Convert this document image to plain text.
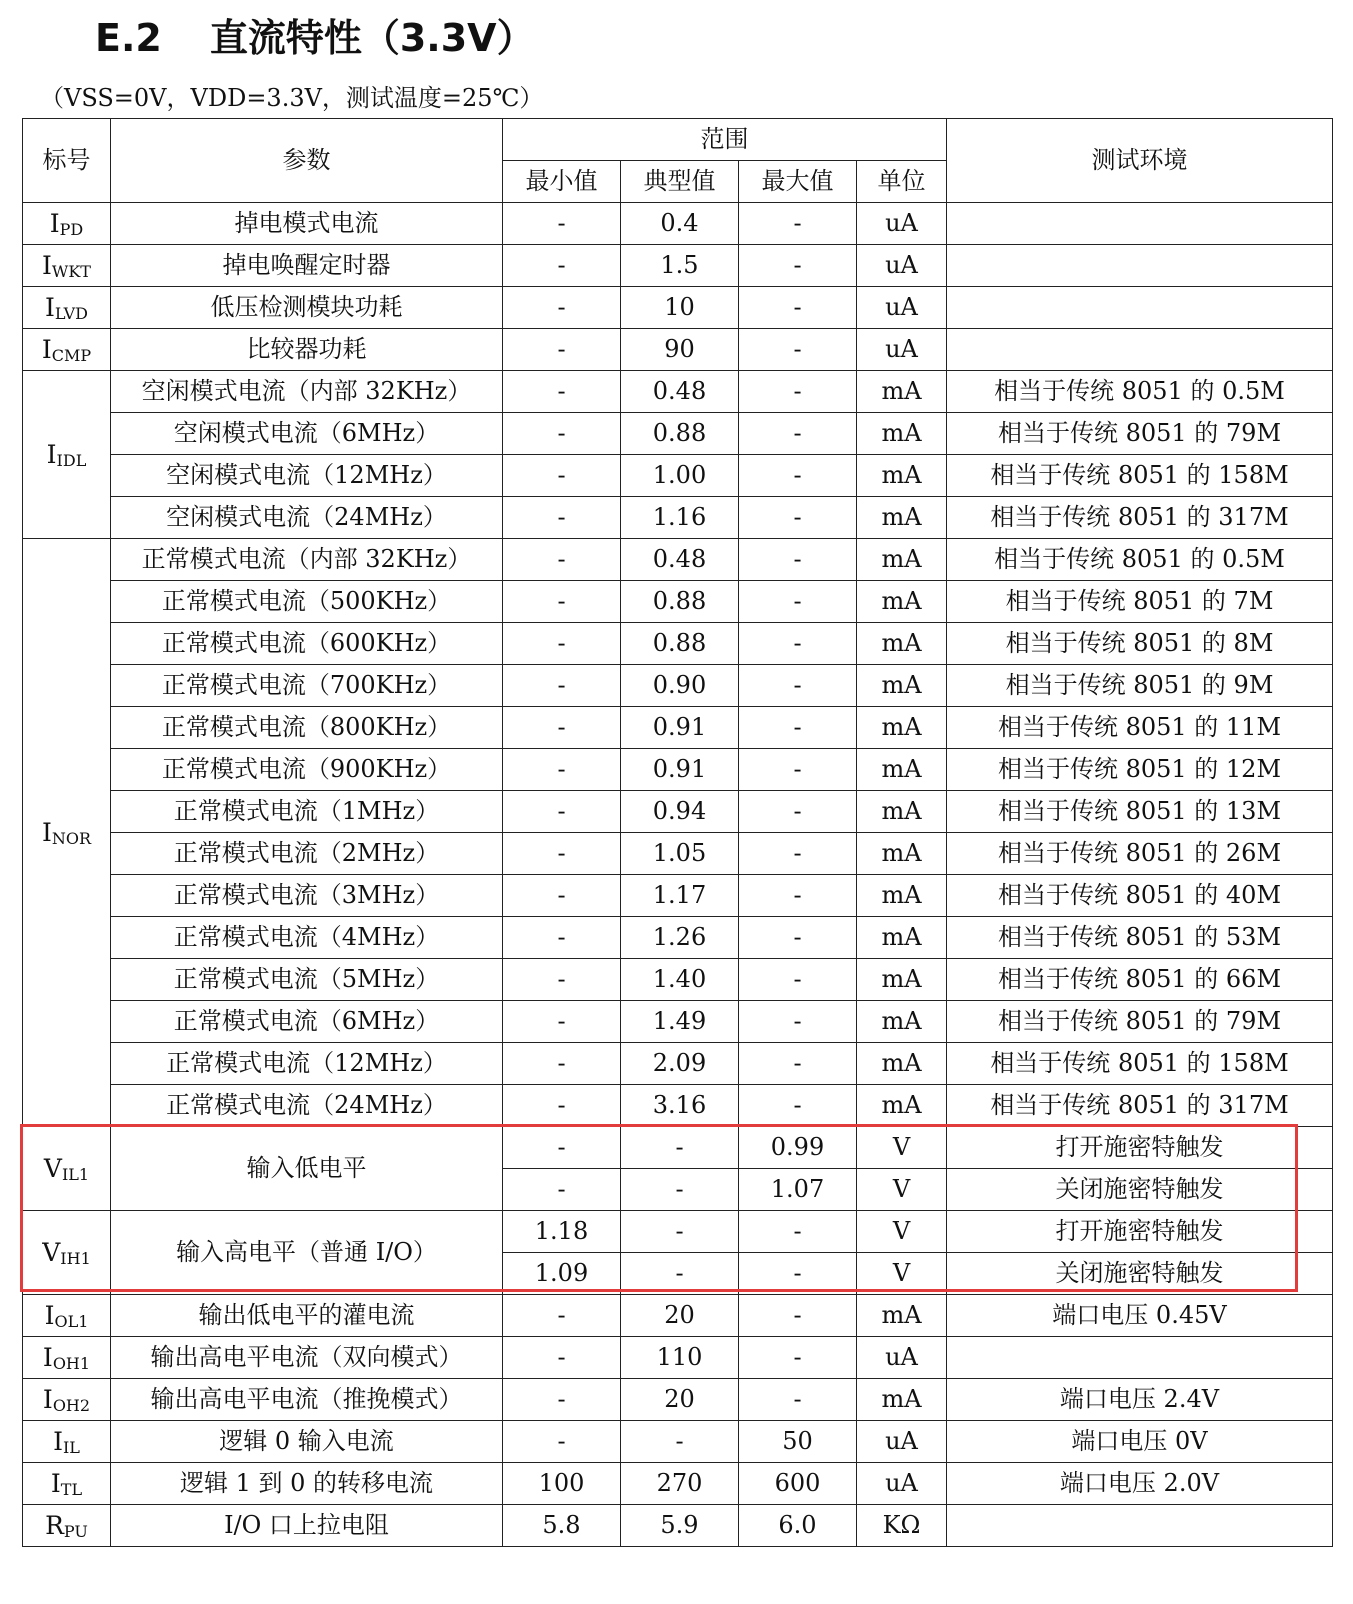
E.2 直流特性（3.3V）
（VSS=0V，VDD=3.3V，测试温度=25℃）
标号	参数	范围				测试环境
		最小值	典型值	最大值	单位	
$I_{PD}$	掉电模式电流	-	0.4	-	uA	
$I_{WKT}$	掉电唤醒定时器	-	1.5	-	uA	
$I_{LVD}$	低压检测模块功耗	-	10	-	uA	
$I_{CMP}$	比较器功耗	-	90	-	uA	
$I_{IDL}$	空闲模式电流（内部 32KHz）	-	0.48	-	mA	相当于传统 8051 的 0.5M
	空闲模式电流（6MHz）	-	0.88	-	mA	相当于传统 8051 的 79M
	空闲模式电流（12MHz）	-	1.00	-	mA	相当于传统 8051 的 158M
	空闲模式电流（24MHz）	-	1.16	-	mA	相当于传统 8051 的 317M
$I_{NOR}$	正常模式电流（内部 32KHz）	-	0.48	-	mA	相当于传统 8051 的 0.5M
	正常模式电流（500KHz）	-	0.88	-	mA	相当于传统 8051 的 7M
	正常模式电流（600KHz）	-	0.88	-	mA	相当于传统 8051 的 8M
	正常模式电流（700KHz）	-	0.90	-	mA	相当于传统 8051 的 9M
	正常模式电流（800KHz）	-	0.91	-	mA	相当于传统 8051 的 11M
	正常模式电流（900KHz）	-	0.91	-	mA	相当于传统 8051 的 12M
	正常模式电流（1MHz）	-	0.94	-	mA	相当于传统 8051 的 13M
	正常模式电流（2MHz）	-	1.05	-	mA	相当于传统 8051 的 26M
	正常模式电流（3MHz）	-	1.17	-	mA	相当于传统 8051 的 40M
	正常模式电流（4MHz）	-	1.26	-	mA	相当于传统 8051 的 53M
	正常模式电流（5MHz）	-	1.40	-	mA	相当于传统 8051 的 66M
	正常模式电流（6MHz）	-	1.49	-	mA	相当于传统 8051 的 79M
	正常模式电流（12MHz）	-	2.09	-	mA	相当于传统 8051 的 158M
	正常模式电流（24MHz）	-	3.16	-	mA	相当于传统 8051 的 317M
$V_{IL1}$	输入低电平	-	-	0.99	V	打开施密特触发
		-	-	1.07	V	关闭施密特触发
$V_{IH1}$	输入高电平（普通 I/O）	1.18	-	-	V	打开施密特触发
		1.09	-	-	V	关闭施密特触发
$I_{OL1}$	输出低电平的灌电流	-	20	-	mA	端口电压 0.45V
$I_{OH1}$	输出高电平电流（双向模式）	-	110	-	uA	
$I_{OH2}$	输出高电平电流（推挽模式）	-	20	-	mA	端口电压 2.4V
$I_{IL}$	逻辑 0 输入电流	-	-	50	uA	端口电压 0V
$I_{TL}$	逻辑 1 到 0 的转移电流	100	270	600	uA	端口电压 2.0V
$R_{PU}$	I/O 口上拉电阻	5.8	5.9	6.0	KΩ	
